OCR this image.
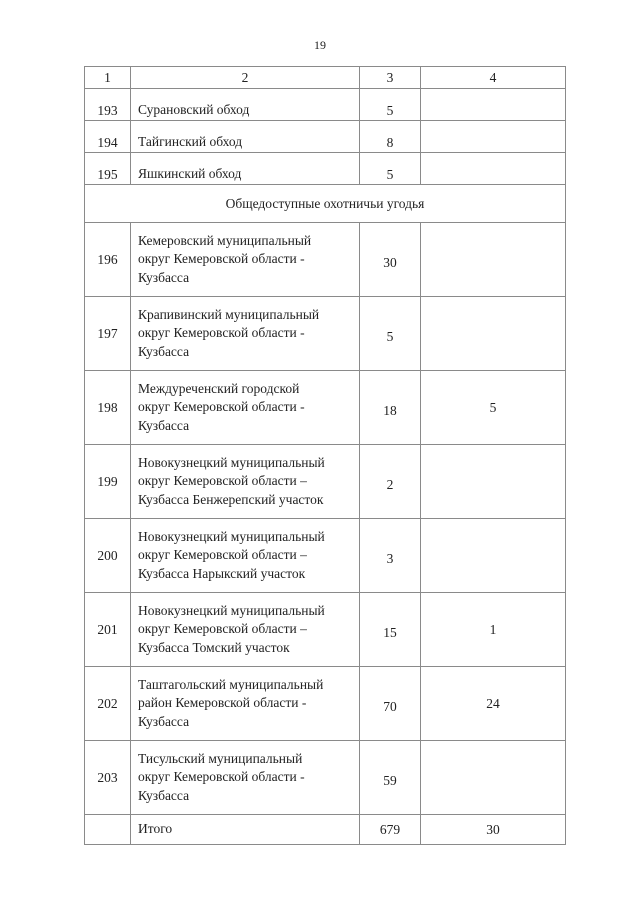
19
1	2	3	4
193	Сурановский обход	5	
194	Тайгинский обход	8	
195	Яшкинский обход	5	
Общедоступные охотничьи угодья			
196	Кемеровский муниципальный
округ Кемеровской области -
Кузбасса	30	
197	Крапивинский муниципальный
округ Кемеровской области -
Кузбасса	5	
198	Междуреченский городской
округ Кемеровской области -
Кузбасса	18	5
199	Новокузнецкий муниципальный
округ Кемеровской области –
Кузбасса Бенжерепский участок	2	
200	Новокузнецкий муниципальный
округ Кемеровской области –
Кузбасса Нарыкский участок	3	
201	Новокузнецкий муниципальный
округ Кемеровской области –
Кузбасса Томский участок	15	1
202	Таштагольский муниципальный
район Кемеровской области -
Кузбасса	70	24
203	Тисульский муниципальный
округ Кемеровской области -
Кузбасса	59	
	Итого	679	30
